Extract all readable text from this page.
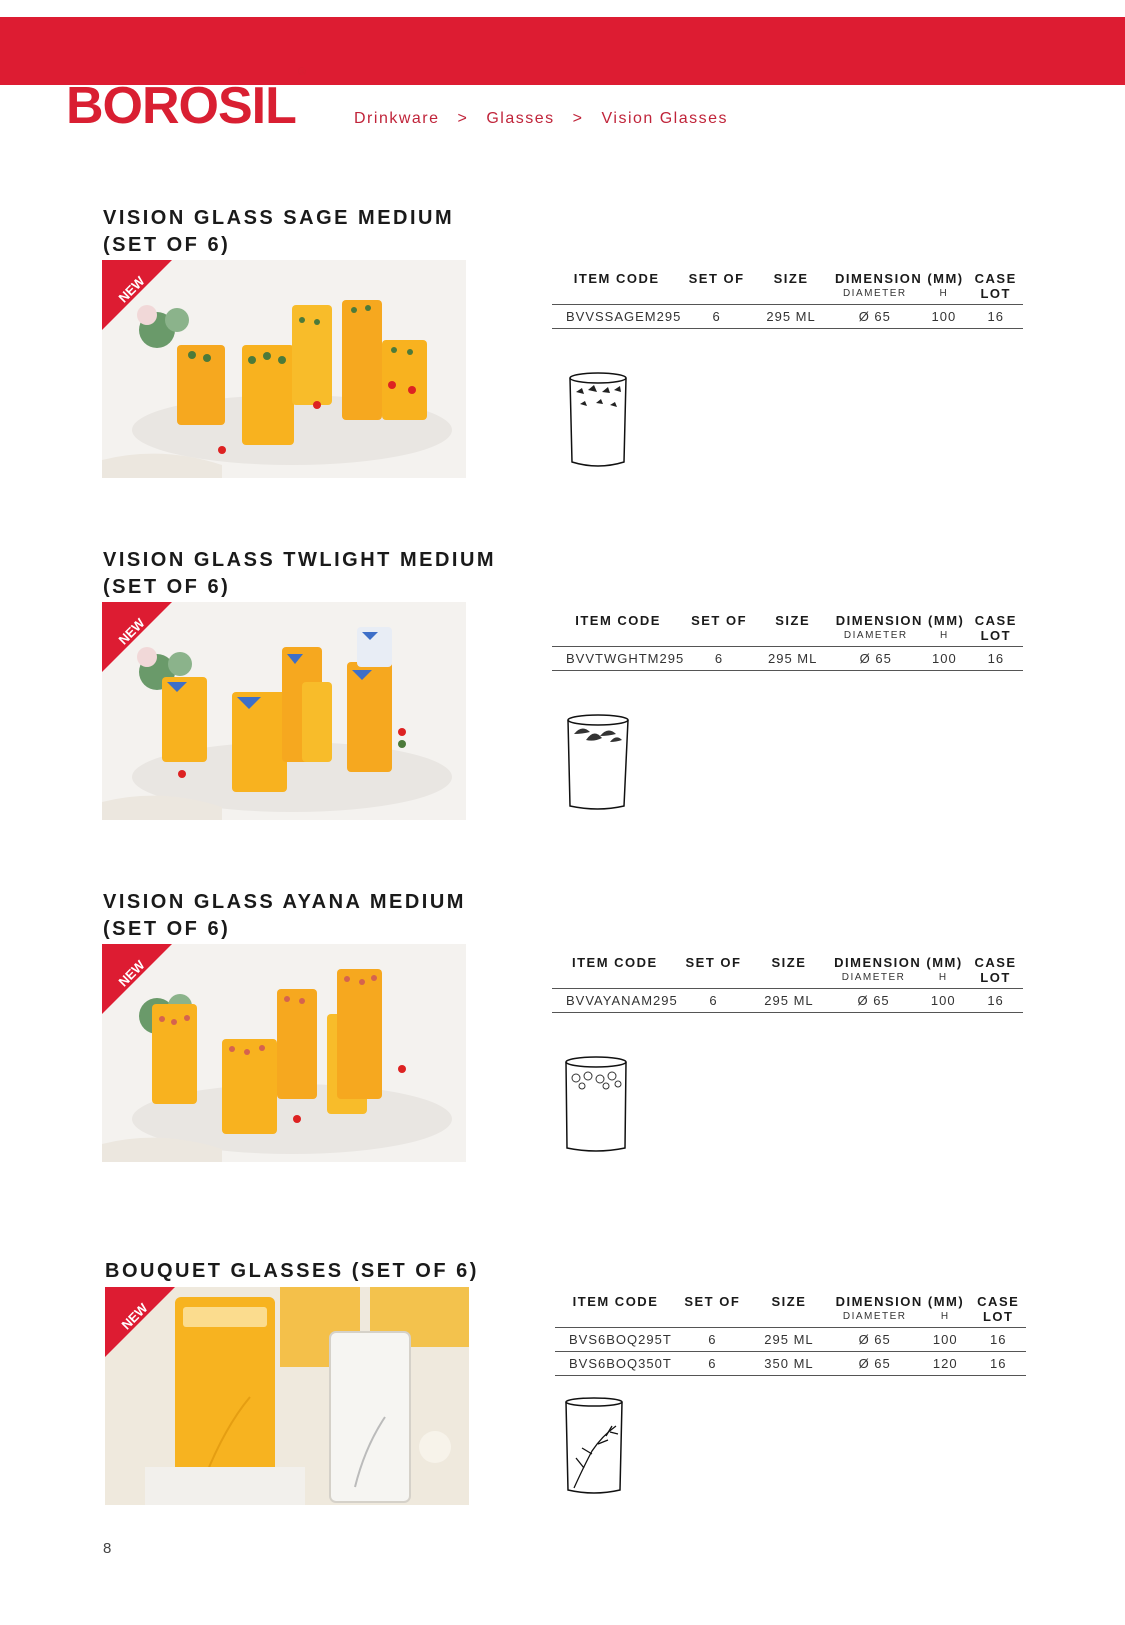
BOROSIL®
Drinkware > Glasses > Vision Glasses
VISION GLASS SAGE MEDIUM
(SET OF 6)
NEW	ITEM CODE	SET OF	SIZE	DIMENSION (MM)		CASE
			DIAMETER	H	LOT
BVVSSAGEM295	6	295 ML	Ø 65	100	16
VISION GLASS TWLIGHT MEDIUM
(SET OF 6)
NEW	ITEM CODE	SET OF	SIZE	DIMENSION (MM)		CASE
			DIAMETER	H	LOT
BVVTWGHTM295	6	295 ML	Ø 65	100	16
VISION GLASS AYANA MEDIUM
(SET OF 6)
NEW	ITEM CODE	SET OF	SIZE	DIMENSION (MM)		CASE
			DIAMETER	H	LOT
BVVAYANAM295	6	295 ML	Ø 65	100	16
BOUQUET GLASSES (SET OF 6)
NEW	ITEM CODE	SET OF	SIZE	DIMENSION (MM)		CASE
			DIAMETER	H	LOT
BVS6BOQ295T	6	295 ML	Ø 65	100	16
BVS6BOQ350T	6	350 ML	Ø 65	120	16
8
